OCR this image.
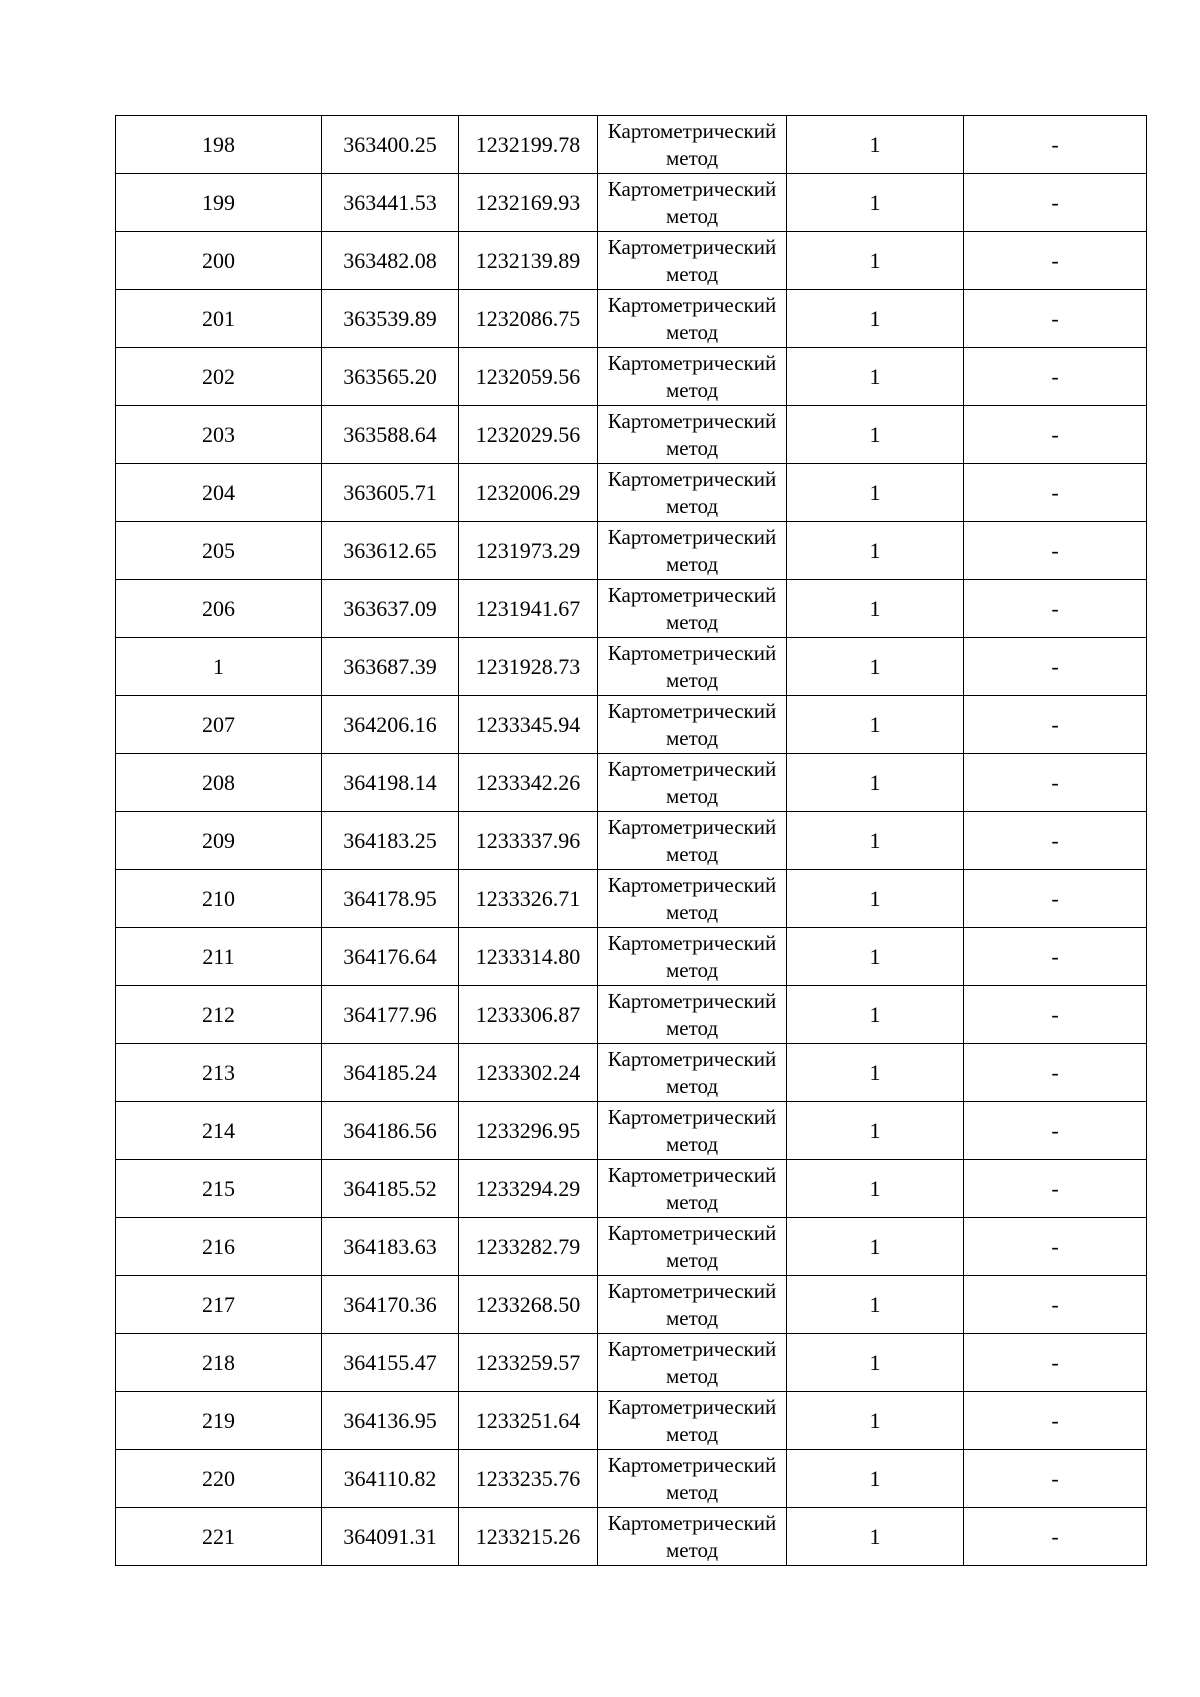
198	363400.25	1232199.78	Картометрический метод	1	-
199	363441.53	1232169.93	Картометрический метод	1	-
200	363482.08	1232139.89	Картометрический метод	1	-
201	363539.89	1232086.75	Картометрический метод	1	-
202	363565.20	1232059.56	Картометрический метод	1	-
203	363588.64	1232029.56	Картометрический метод	1	-
204	363605.71	1232006.29	Картометрический метод	1	-
205	363612.65	1231973.29	Картометрический метод	1	-
206	363637.09	1231941.67	Картометрический метод	1	-
1	363687.39	1231928.73	Картометрический метод	1	-
207	364206.16	1233345.94	Картометрический метод	1	-
208	364198.14	1233342.26	Картометрический метод	1	-
209	364183.25	1233337.96	Картометрический метод	1	-
210	364178.95	1233326.71	Картометрический метод	1	-
211	364176.64	1233314.80	Картометрический метод	1	-
212	364177.96	1233306.87	Картометрический метод	1	-
213	364185.24	1233302.24	Картометрический метод	1	-
214	364186.56	1233296.95	Картометрический метод	1	-
215	364185.52	1233294.29	Картометрический метод	1	-
216	364183.63	1233282.79	Картометрический метод	1	-
217	364170.36	1233268.50	Картометрический метод	1	-
218	364155.47	1233259.57	Картометрический метод	1	-
219	364136.95	1233251.64	Картометрический метод	1	-
220	364110.82	1233235.76	Картометрический метод	1	-
221	364091.31	1233215.26	Картометрический метод	1	-
